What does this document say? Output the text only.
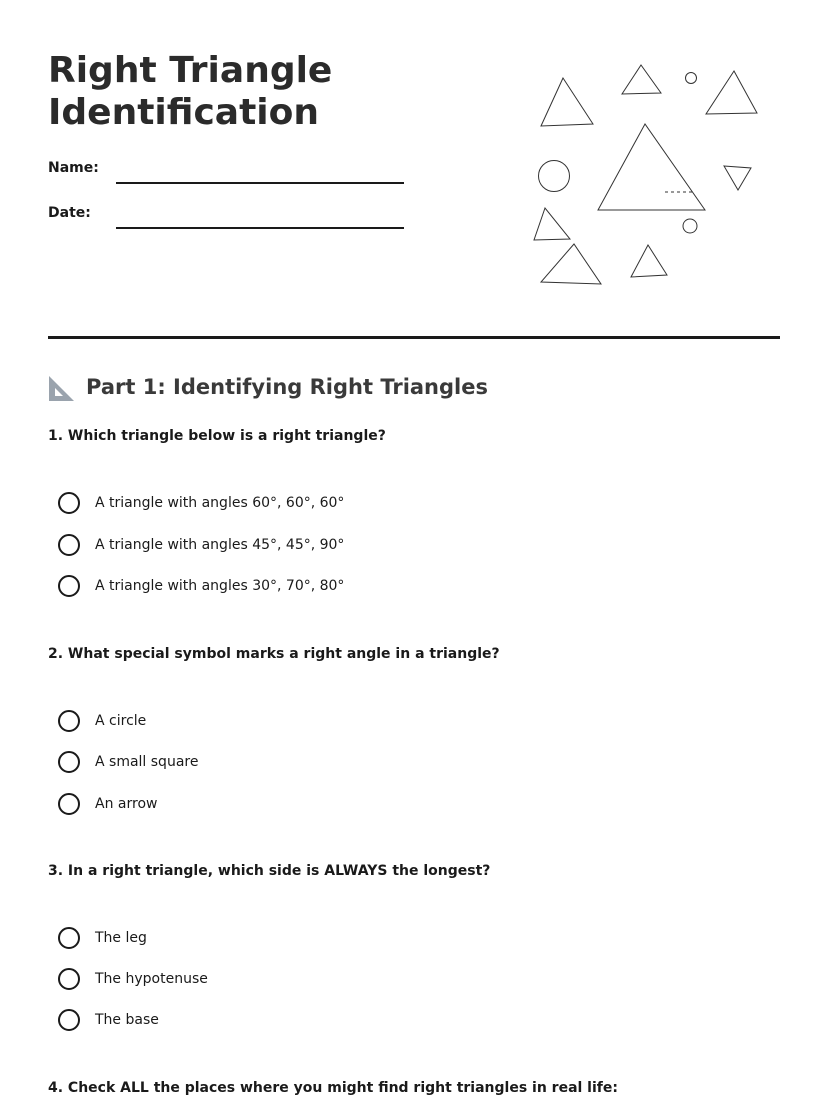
Right Triangle
Identification
Name:
Date:
Part 1: Identifying Right Triangles

1. Which triangle below is a right triangle?

A triangle with angles 60°, 60°, 60°
A triangle with angles 45°, 45°, 90°
A triangle with angles 30°, 70°, 80°

2. What special symbol marks a right angle in a triangle?

A circle
A small square
An arrow

3. In a right triangle, which side is ALWAYS the longest?

The leg
The hypotenuse
The base

4. Check ALL the places where you might find right triangles in real life:
